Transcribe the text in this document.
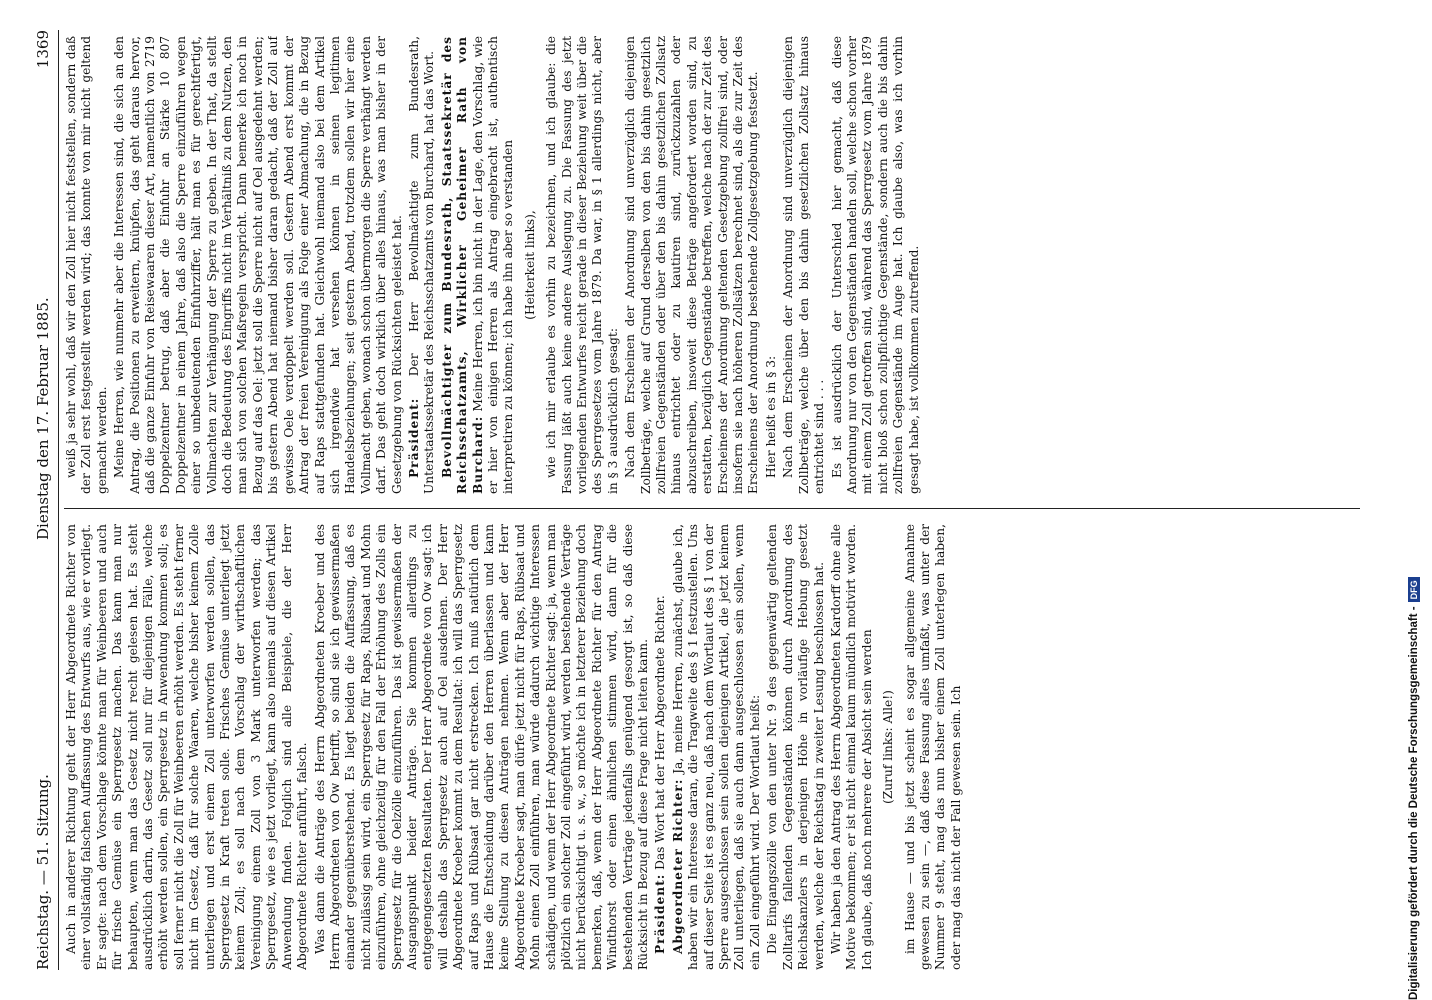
Reichstag. — 51. Sitzung.
Dienstag den 17. Februar 1885.
1369

Auch in anderer Richtung geht der Herr Abgeordnete Richter von einer vollständig falschen Auffassung des Entwurfs aus, wie er vorliegt. Er sagte: nach dem Vorschlage könnte man für Weinbeeren und auch für frische Gemüse ein Sperrgesetz machen. Das kann man nur behaupten, wenn man das Gesetz nicht recht gelesen hat. Es steht ausdrücklich darin, das Gesetz soll nur für diejenigen Fälle, welche erhöht werden sollen, ein Sperrgesetz in Anwendung kommen soll; es soll ferner nicht die Zoll für Weinbeeren erhöht werden. Es steht ferner nicht im Gesetz, daß für solche Waaren, welche bisher keinem Zolle unterliegen und erst einem Zoll unterworfen werden sollen, das Sperrgesetz in Kraft treten solle. Frisches Gemüse unterliegt jetzt keinem Zoll; es soll nach dem Vorschlag der wirthschaftlichen Vereinigung einem Zoll von 3 Mark unterworfen werden; das Sperrgesetz, wie es jetzt vorliegt, kann also niemals auf diesen Artikel Anwendung finden. Folglich sind alle Beispiele, die der Herr Abgeordnete Richter anführt, falsch. Was dann die Anträge des Herrn Abgeordneten Kroeber und des Herrn Abgeordneten von Ow betrifft, so sind sie ich gewissermaßen einander gegenüberstehend. Es liegt beiden die Auffassung, daß es nicht zulässig sein wird, ein Sperrgesetz für Raps, Rübsaat und Mohn einzuführen, ohne gleichzeitig für den Fall der Erhöhung des Zolls ein Sperrgesetz für die Oelzölle einzuführen. Das ist gewissermaßen der Ausgangspunkt beider Anträge. Sie kommen allerdings zu entgegengesetzten Resultaten. Der Herr Abgeordnete von Ow sagt: ich will deshalb das Sperrgesetz auch auf Oel ausdehnen. Der Herr Abgeordnete Kroeber kommt zu dem Resultat: ich will das Sperrgesetz auf Raps und Rübsaat gar nicht erstrecken. Ich muß natürlich dem Hause die Entscheidung darüber den Herren überlassen und kann keine Stellung zu diesen Anträgen nehmen. Wenn aber der Herr Abgeordnete Kroeber sagt, man dürfe jetzt nicht für Raps, Rübsaat und Mohn einen Zoll einführen, man würde dadurch wichtige Interessen schädigen, und wenn der Herr Abgeordnete Richter sagt: ja, wenn man plötzlich ein solcher Zoll eingeführt wird, werden bestehende Verträge nicht berücksichtigt u. s. w., so möchte ich in letzterer Beziehung doch bemerken, daß, wenn der Herr Abgeordnete Richter für den Antrag Windthorst oder einen ähnlichen stimmen wird, dann für die bestehenden Verträge jedenfalls genügend gesorgt ist, so daß diese Rücksicht in Bezug auf diese Frage nicht leiten kann. Präsident: Das Wort hat der Herr Abgeordnete Richter. Abgeordneter Richter: Ja, meine Herren, zunächst, glaube ich, haben wir ein Interesse daran, die Tragweite des § 1 festzustellen. Uns auf dieser Seite ist es ganz neu, daß nach dem Wortlaut des § 1 von der Sperre ausgeschlossen sein sollen diejenigen Artikel, die jetzt keinem Zoll unterliegen, daß sie auch dann ausgeschlossen sein sollen, wenn ein Zoll eingeführt wird. Der Wortlaut heißt: Die Eingangszölle von den unter Nr. 9 des gegenwärtig geltenden Zolltarifs fallenden Gegenständen können durch Anordnung des Reichskanzlers in derjenigen Höhe in vorläufige Hebung gesetzt werden, welche der Reichstag in zweiter Lesung beschlossen hat. Wir haben ja den Antrag des Herrn Abgeordneten Kardorff ohne alle Motive bekommen; er ist nicht einmal kaum mündlich motivirt worden. Ich glaube, daß noch mehrere der Absicht sein werden (Zuruf links: Alle!) im Hause — und bis jetzt scheint es sogar allgemeine Annahme gewesen zu sein —, daß diese Fassung alles umfaßt, was unter der Nummer 9 steht, mag das nun bisher einem Zoll unterlegen haben, oder mag das nicht der Fall gewesen sein. Ich

weiß ja sehr wohl, daß wir den Zoll hier nicht feststellen, sondern daß der Zoll erst festgestellt werden wird; das konnte von mir nicht geltend gemacht werden. Meine Herren, wie nunmehr aber die Interessen sind, die sich an den Antrag, die Positionen zu erweitern, knüpfen, das geht daraus hervor, daß die ganze Einfuhr von Reisewaaren dieser Art, namentlich von 2719 Doppelzentner betrug, daß aber die Einfuhr an Stärke 10 807 Doppelzentner in einem Jahre, daß also die Sperre einzuführen wegen einer so unbedeutenden Einfuhrziffer, hält man es für gerechtfertigt, Vollmachten zur Verhängung der Sperre zu geben. In der That, da stellt doch die Bedeutung des Eingriffs nicht im Verhältniß zu dem Nutzen, den man sich von solchen Maßregeln verspricht. Dann bemerke ich noch in Bezug auf das Oel: jetzt soll die Sperre nicht auf Oel ausgedehnt werden; bis gestern Abend hat niemand bisher daran gedacht, daß der Zoll auf gewisse Oele verdoppelt werden soll. Gestern Abend erst kommt der Antrag der freien Vereinigung als Folge einer Abmachung, die in Bezug auf Raps stattgefunden hat. Gleichwohl niemand also bei dem Artikel sich irgendwie hat versehen können in seinen legitimen Handelsbeziehungen; seit gestern Abend, trotzdem sollen wir hier eine Vollmacht geben, wonach schon übermorgen die Sperre verhängt werden darf. Das geht doch wirklich über alles hinaus, was man bisher in der Gesetzgebung von Rücksichten geleistet hat. Präsident: Der Herr Bevollmächtigte zum Bundesrath, Unterstaatssekretär des Reichsschatzamts von Burchard, hat das Wort. Bevollmächtigter zum Bundesrath, Staatssekretär des Reichsschatzamts, Wirklicher Geheimer Rath von Burchard: Meine Herren, ich bin nicht in der Lage, den Vorschlag, wie er hier von einigen Herren als Antrag eingebracht ist, authentisch interpretiren zu können; ich habe ihn aber so verstanden (Heiterkeit links), wie ich mir erlaube es vorhin zu bezeichnen, und ich glaube: die Fassung läßt auch keine andere Auslegung zu. Die Fassung des jetzt vorliegenden Entwurfes reicht gerade in dieser Beziehung weit über die des Sperrgesetzes vom Jahre 1879. Da war, in § 1 allerdings nicht, aber in § 3 ausdrücklich gesagt: Nach dem Erscheinen der Anordnung sind unverzüglich diejenigen Zollbeträge, welche auf Grund derselben von den bis dahin gesetzlich zollfreien Gegenständen oder über den bis dahin gesetzlichen Zollsatz hinaus entrichtet oder zu kautiren sind, zurückzuzahlen oder abzuschreiben, insoweit diese Beträge angefordert worden sind, zu erstatten, bezüglich Gegenstände betreffen, welche nach der zur Zeit des Erscheinens der Anordnung geltenden Gesetzgebung zollfrei sind, oder insofern sie nach höheren Zollsätzen berechnet sind, als die zur Zeit des Erscheinens der Anordnung bestehende Zollgesetzgebung festsetzt. Hier heißt es in § 3: Nach dem Erscheinen der Anordnung sind unverzüglich diejenigen Zollbeträge, welche über den bis dahin gesetzlichen Zollsatz hinaus entrichtet sind . . . Es ist ausdrücklich der Unterschied hier gemacht, daß diese Anordnung nur von den Gegenständen handeln soll, welche schon vorher mit einem Zoll getroffen sind, während das Sperrgesetz vom Jahre 1879 nicht bloß schon zollpflichtige Gegenstände, sondern auch die bis dahin zollfreien Gegenstände im Auge hat. Ich glaube also, was ich vorhin gesagt habe, ist vollkommen zutreffend.

Digitalisierung gefördert durch die Deutsche Forschungsgemeinschaft -DFG
